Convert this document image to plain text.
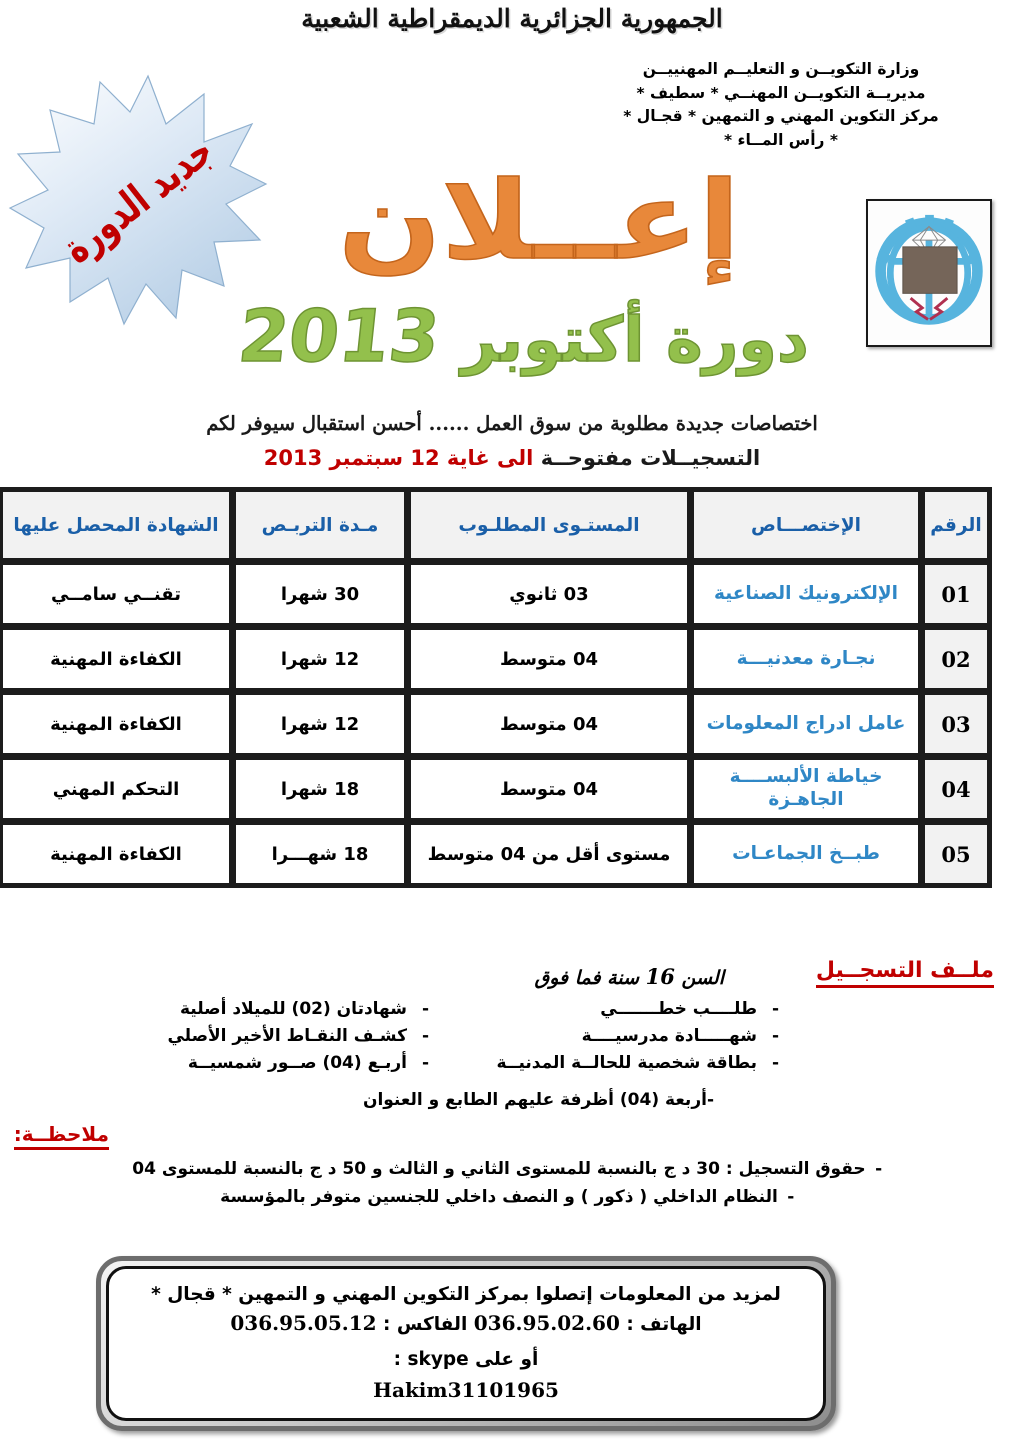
الجمهورية الجزائرية الديمقراطية الشعبية
وزارة التكويــن و التعليــم المهنييــن
مديريــة التكويــن المهنــي * سطيف *
مركز التكوين المهني و التمهين * قجـال *
* رأس المــاء *
جديد الدورة	إعــلان
دورة أكتوبر 2013
اختصاصات جديدة مطلوبة من سوق العمل ...... أحسن استقبال سيوفر لكم
التسجيــلات مفتوحــة الى غاية 12 سبتمبر 2013
الرقم	الإختصـــاص	المستـوى المطلـوب	مـدة التربـص	الشهادة المحصل عليها
01	الإلكترونيك الصناعية	03 ثانوي	30 شهرا	تقنــي سامــي
02	نجـارة معدنيـــة	04 متوسط	12 شهرا	الكفاءة المهنية
03	عامل ادراج المعلومات	04 متوسط	12 شهرا	الكفاءة المهنية
04	خياطة الألبســــة الجاهـزة	04 متوسط	18 شهرا	التحكم المهني
05	طبــخ الجماعـات	مستوى أقل من 04 متوسط	18 شهـــرا	الكفاءة المهنية
ملــف التسجــيل
السن 16 سنة فما فوق
-طلــــب خطـــــــي
-شهـــــادة مدرسيــــة
-بطاقة شخصية للحالــة المدنيــة
-شهادتان (02) للميلاد أصلية
-كشـف النقـاط الأخير الأصلي
-أربـع (04) صــور شمسيــة
-أربعة (04) أظرفة عليهم الطابع و العنوان
ملاحظــة:
-حقوق التسجيل : 30 د ج بالنسبة للمستوى الثاني و الثالث و 50 د ج بالنسبة للمستوى 04
-النظام الداخلي ( ذكور ) و النصف داخلي للجنسين متوفر بالمؤسسة
لمزيد من المعلومات إتصلوا بمركز التكوين المهني و التمهين * قجال *
الهاتف : 036.95.02.60 الفاكس : 036.95.05.12
أو على skype :
Hakim31101965
